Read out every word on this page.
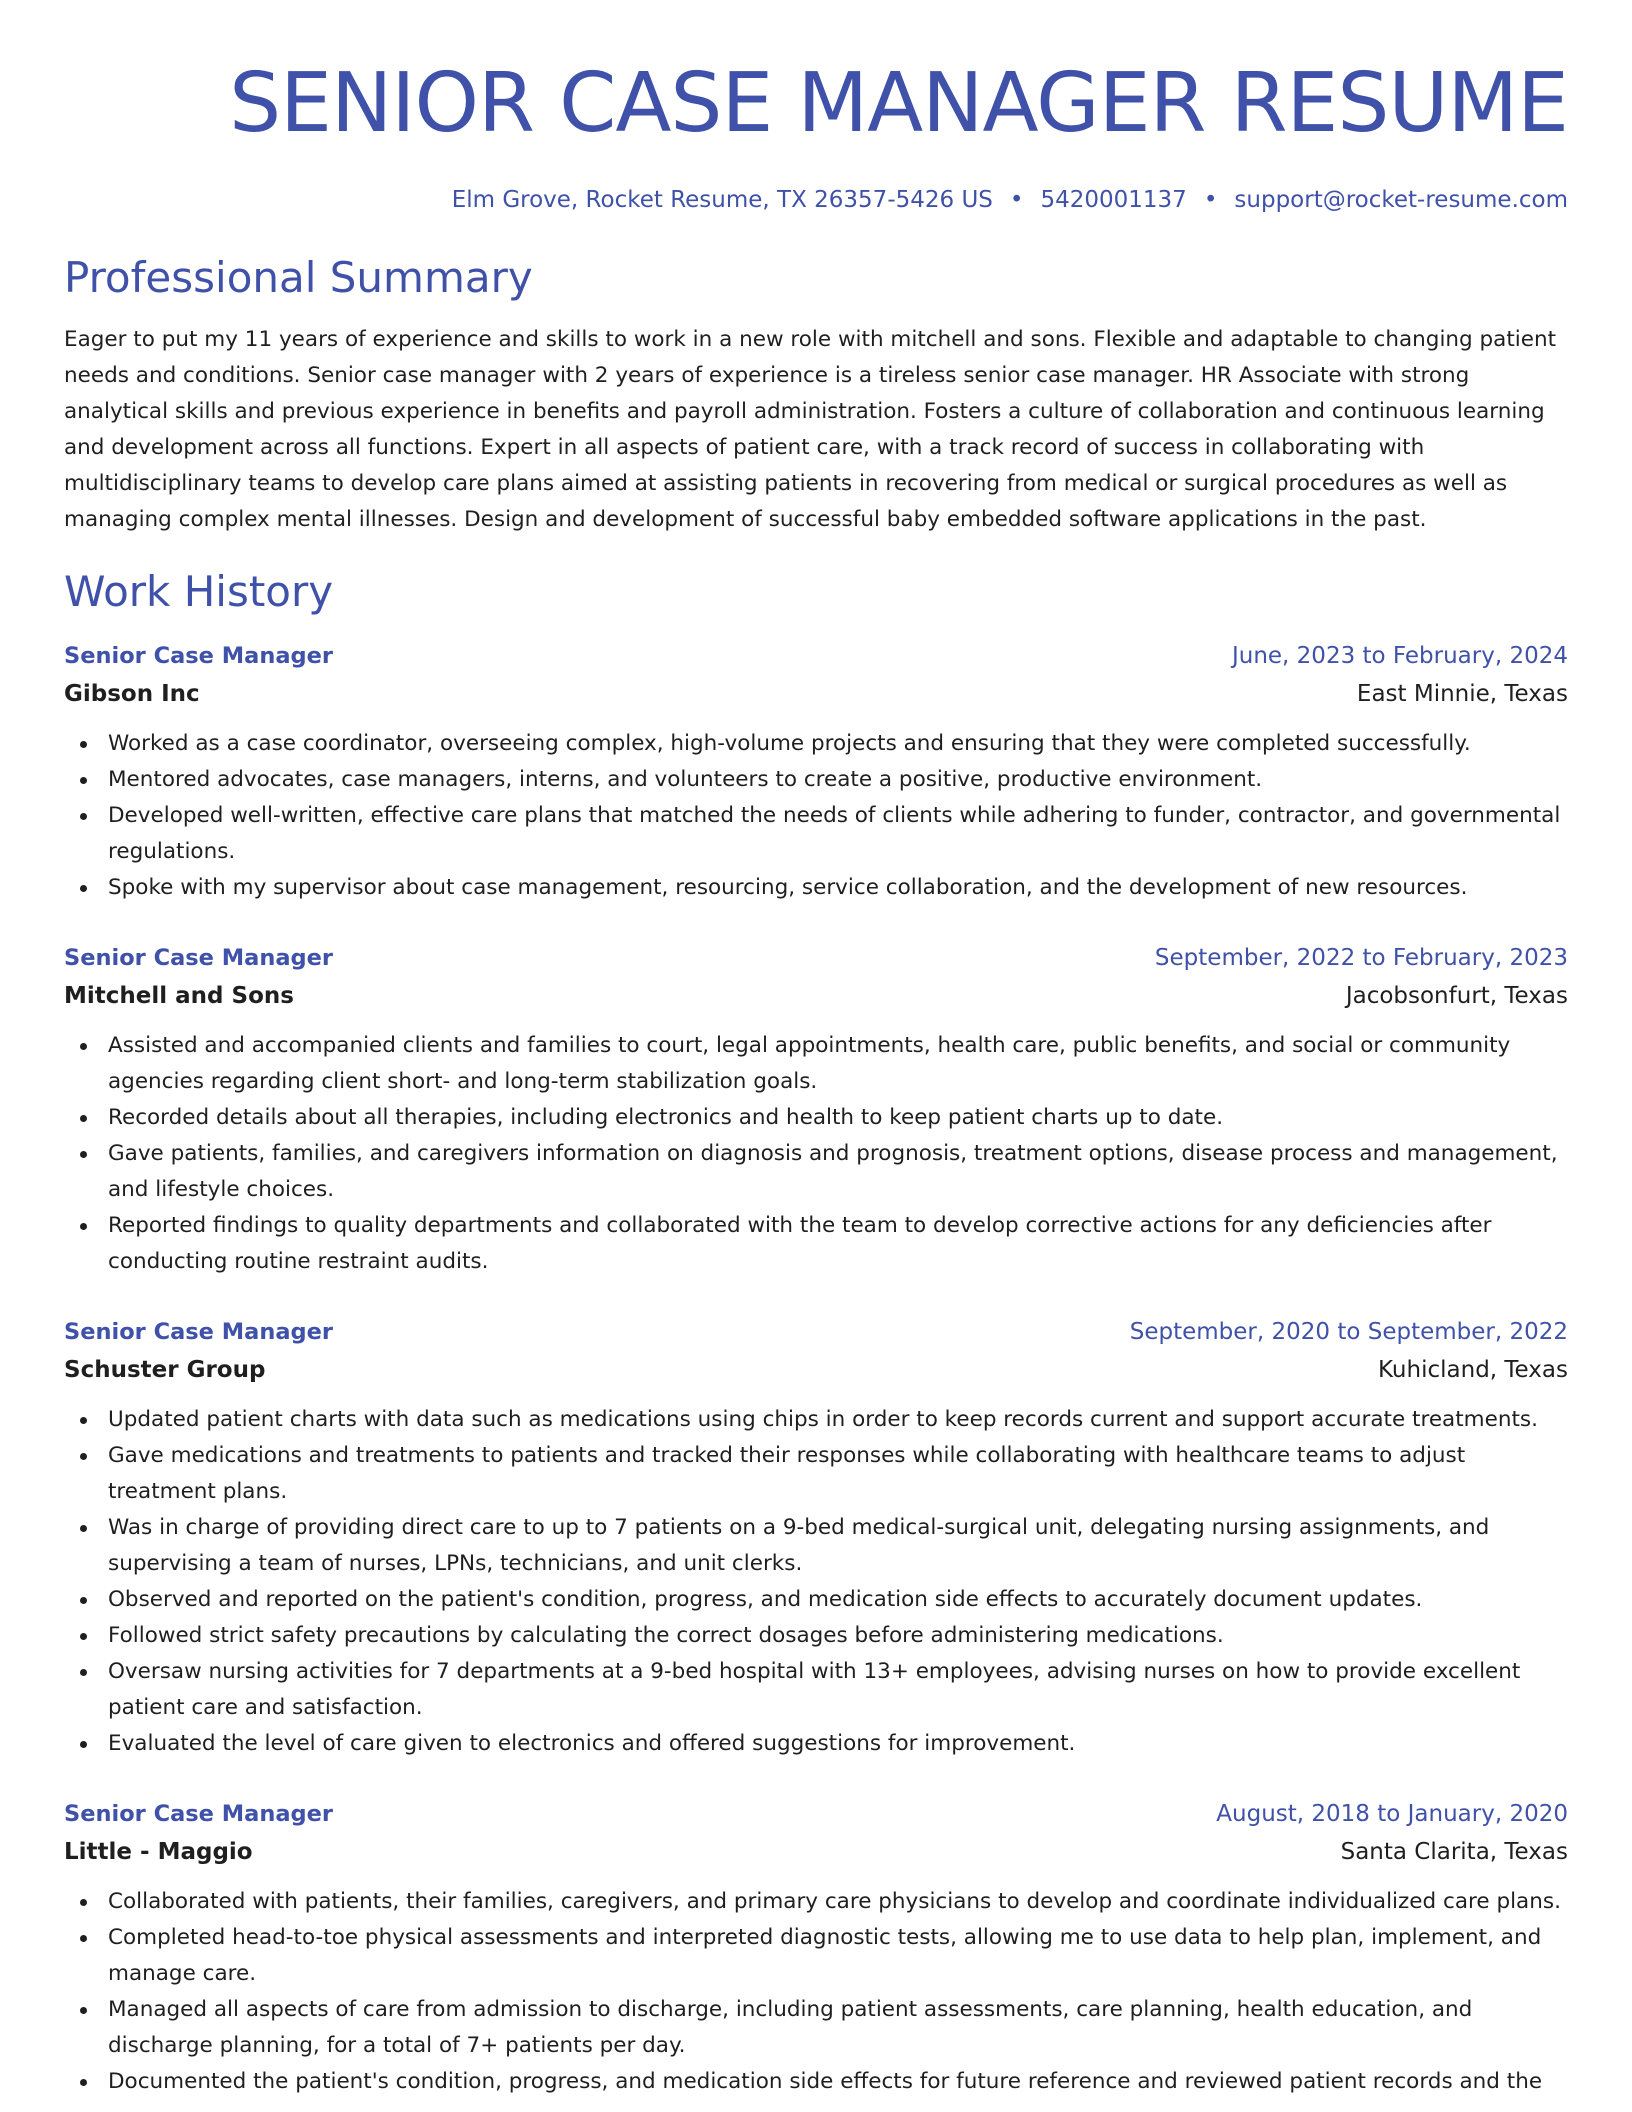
SENIOR CASE MANAGER RESUME
Elm Grove, Rocket Resume, TX 26357-5426 US • 5420001137 • support@rocket-resume.com
Professional Summary
Eager to put my 11 years of experience and skills to work in a new role with mitchell and sons. Flexible and adaptable to changing patient needs and conditions. Senior case manager with 2 years of experience is a tireless senior case manager. HR Associate with strong analytical skills and previous experience in benefits and payroll administration. Fosters a culture of collaboration and continuous learning and development across all functions. Expert in all aspects of patient care, with a track record of success in collaborating with multidisciplinary teams to develop care plans aimed at assisting patients in recovering from medical or surgical procedures as well as managing complex mental illnesses. Design and development of successful baby embedded software applications in the past.
Work History
Senior Case Manager	June, 2023 to February, 2024
Gibson Inc	East Minnie, Texas
Worked as a case coordinator, overseeing complex, high-volume projects and ensuring that they were completed successfully.
Mentored advocates, case managers, interns, and volunteers to create a positive, productive environment.
Developed well-written, effective care plans that matched the needs of clients while adhering to funder, contractor, and governmental regulations.
Spoke with my supervisor about case management, resourcing, service collaboration, and the development of new resources.
Senior Case Manager	September, 2022 to February, 2023
Mitchell and Sons	Jacobsonfurt, Texas
Assisted and accompanied clients and families to court, legal appointments, health care, public benefits, and social or community agencies regarding client short- and long-term stabilization goals.
Recorded details about all therapies, including electronics and health to keep patient charts up to date.
Gave patients, families, and caregivers information on diagnosis and prognosis, treatment options, disease process and management, and lifestyle choices.
Reported findings to quality departments and collaborated with the team to develop corrective actions for any deficiencies after conducting routine restraint audits.
Senior Case Manager	September, 2020 to September, 2022
Schuster Group	Kuhicland, Texas
Updated patient charts with data such as medications using chips in order to keep records current and support accurate treatments.
Gave medications and treatments to patients and tracked their responses while collaborating with healthcare teams to adjust treatment plans.
Was in charge of providing direct care to up to 7 patients on a 9-bed medical-surgical unit, delegating nursing assignments, and supervising a team of nurses, LPNs, technicians, and unit clerks.
Observed and reported on the patient's condition, progress, and medication side effects to accurately document updates.
Followed strict safety precautions by calculating the correct dosages before administering medications.
Oversaw nursing activities for 7 departments at a 9-bed hospital with 13+ employees, advising nurses on how to provide excellent patient care and satisfaction.
Evaluated the level of care given to electronics and offered suggestions for improvement.
Senior Case Manager	August, 2018 to January, 2020
Little - Maggio	Santa Clarita, Texas
Collaborated with patients, their families, caregivers, and primary care physicians to develop and coordinate individualized care plans.
Completed head-to-toe physical assessments and interpreted diagnostic tests, allowing me to use data to help plan, implement, and manage care.
Managed all aspects of care from admission to discharge, including patient assessments, care planning, health education, and discharge planning, for a total of 7+ patients per day.
Documented the patient's condition, progress, and medication side effects for future reference and reviewed patient records and the
